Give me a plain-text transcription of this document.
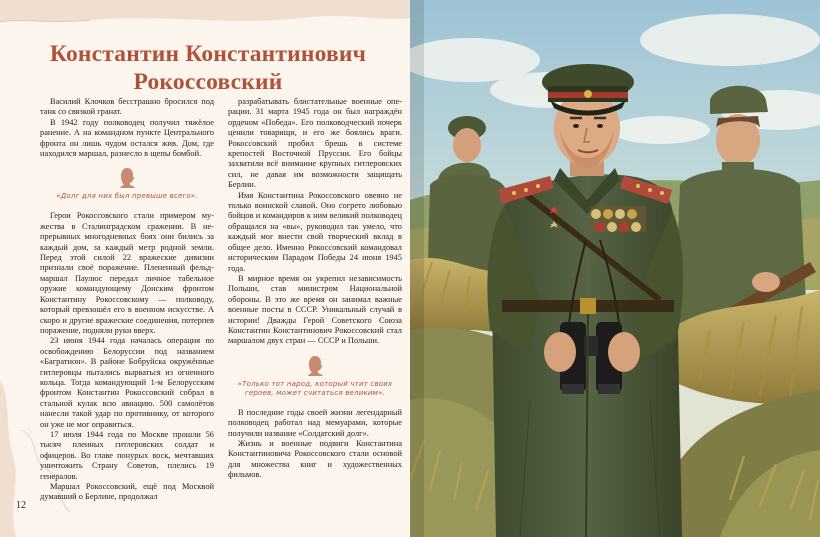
Константин Константинович
Рокоссовский

Василий Клочков бесстрашно бросился под танк со связкой гранат.

В 1942 году полководец получил тяжёлое ранение. А на командном пункте Центрального фронта он лишь чудом остался жив. Дом, где находился маршал, разнесло в щепы бомбой.

«Долг для них был превыше всего».

Герои Рокоссовского стали примером мужества в Сталинградском сражении. В непрерывных многодневных боях они бились за каждый дом, за каждый метр родной земли. Перед этой силой 22 вражеские дивизии признали своё поражение. Плененный фельдмаршал Паулюс передал личное табельное оружие командующему Донским фронтом Константину Рокоссовскому — полководу, который превзошёл его в военном искусстве. А скоро и другие вражеские соединения, потерпев поражение, подняли руки вверх.

23 июня 1944 года началась операция по освобождению Белоруссии под названием «Багратион». В районе Бобруйска окружённые гитлеровцы пытались вырваться из огненного кольца. Тогда командующий 1-м Белорусским фронтом Константин Рокоссовский собрал в стальной кулак всю авиацию. 500 самолётов нанесли такой удар по противнику, от которого он уже не мог оправиться.

17 июля 1944 года по Москве прошли 56 тысяч пленных гитлеровских солдат и офицеров. Во главе понурых воск, мечтавших уничтожить Страну Советов, плелись 19 генералов.

Маршал Рокоссовский, ещё под Москвой думавший о Берлине, продолжал

разрабатывать блистательные военные операции. 31 марта 1945 года он был награждён орденом «Победа». Его полководческий почерк ценили товарищи, и его же боялись враги. Рокоссовский пробил брешь в системе крепостей Восточной Пруссии. Его бойцы захватили всё внимание крупных гитлеровских сил, не давая им возможности защищать Берлин.

Имя Константина Рокоссовского овеяно не только воинской славой. Оно согрето любовью бойцов и командиров к ним великий полководец обращался на «вы», руководил так умело, что каждый мог внести свой творческий вклад в общее дело. Именно Рокоссовский командовал историческим Парадом Победы 24 июня 1945 года.

В мирное время он укрепил независимость Польши, став министром Национальной обороны. В это же время он занимал важные военные посты в СССР. Уникальный случай в истории! Дважды Герой Советского Союза Константин Константинович Рокоссовский стал маршалом двух стран — СССР и Польши.

«Только тот народ, который чтит своих героев, может считаться великим».

В последние годы своей жизни легендарный полководец работал над мемуарами, которые получили название «Солдатский долг».

Жизнь и военные подвиги Константина Константиновича Рокоссовского стали основой для множества книг и художественных фильмов.

12
